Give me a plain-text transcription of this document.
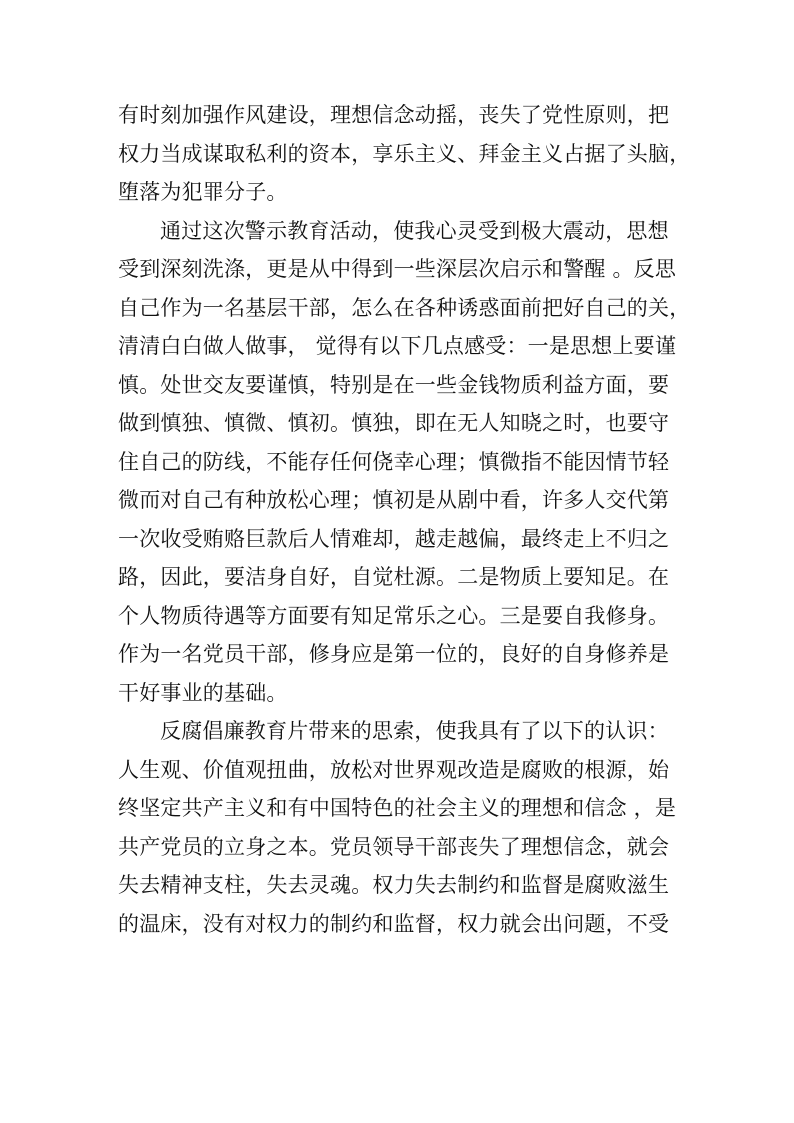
有时刻加强作风建设，理想信念动摇，丧失了党性原则，把
权力当成谋取私利的资本，享乐主义、拜金主义占据了头脑，
堕落为犯罪分子。
通过这次警示教育活动，使我心灵受到极大震动，思想
受到深刻洗涤，更是从中得到一些深层次启示和警醒 。反思
自己作为一名基层干部，怎么在各种诱惑面前把好自己的关，
清清白白做人做事， 觉得有以下几点感受：一是思想上要谨
慎。处世交友要谨慎，特别是在一些金钱物质利益方面，要
做到慎独、慎微、慎初。慎独，即在无人知晓之时，也要守
住自己的防线，不能存任何侥幸心理；慎微指不能因情节轻
微而对自己有种放松心理；慎初是从剧中看，许多人交代第
一次收受贿赂巨款后人情难却，越走越偏，最终走上不归之
路，因此，要洁身自好，自觉杜源。二是物质上要知足。在
个人物质待遇等方面要有知足常乐之心。三是要自我修身。
作为一名党员干部，修身应是第一位的，良好的自身修养是
干好事业的基础。
反腐倡廉教育片带来的思索，使我具有了以下的认识：
人生观、价值观扭曲，放松对世界观改造是腐败的根源，始
终坚定共产主义和有中国特色的社会主义的理想和信念 ，是
共产党员的立身之本。党员领导干部丧失了理想信念，就会
失去精神支柱，失去灵魂。权力失去制约和监督是腐败滋生
的温床，没有对权力的制约和监督，权力就会出问题，不受
